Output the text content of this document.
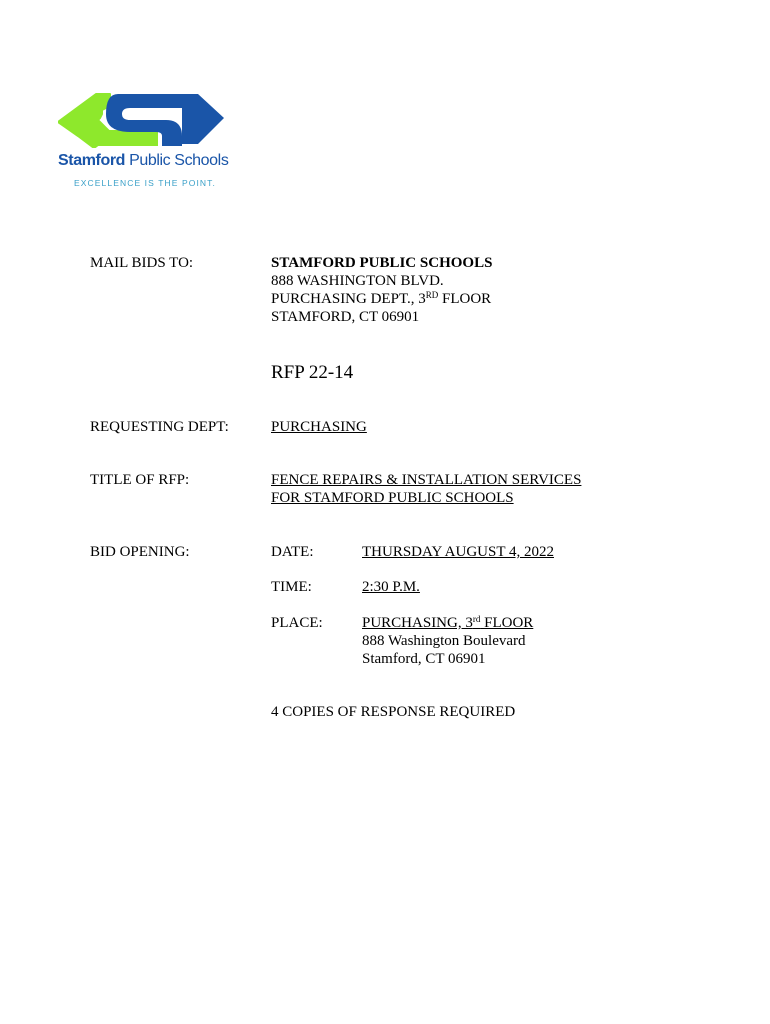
Stamford Public Schools
EXCELLENCE IS THE POINT.
MAIL BIDS TO:	STAMFORD PUBLIC SCHOOLS
888 WASHINGTON BLVD.
PURCHASING DEPT., 3RD FLOOR
STAMFORD, CT 06901
RFP 22-14
REQUESTING DEPT:	PURCHASING
TITLE OF RFP:	FENCE REPAIRS & INSTALLATION SERVICES
FOR STAMFORD PUBLIC SCHOOLS
BID OPENING:	DATE:	THURSDAY AUGUST 4, 2022
TIME:	2:30 P.M.
PLACE:	PURCHASING, 3rd FLOOR
888 Washington Boulevard
Stamford, CT 06901
4 COPIES OF RESPONSE REQUIRED
